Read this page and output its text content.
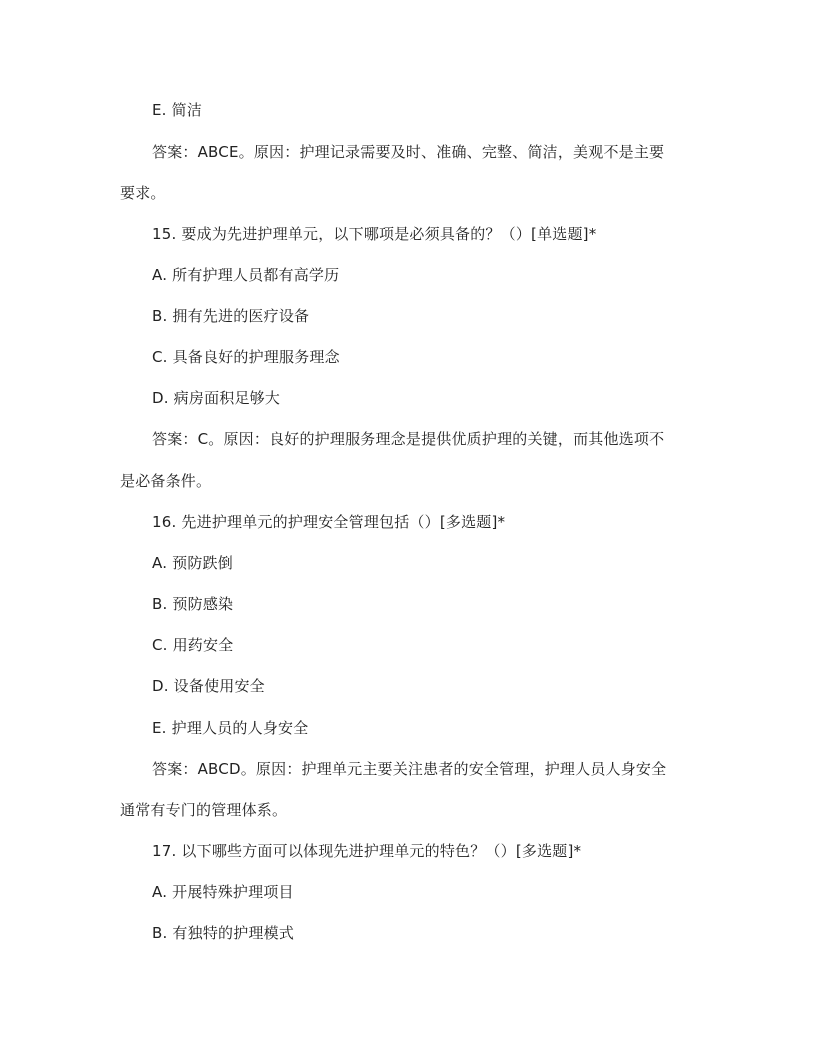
E. 简洁
答案：ABCE。原因：护理记录需要及时、准确、完整、简洁，美观不是主要
要求。
15. 要成为先进护理单元，以下哪项是必须具备的？（）[单选题]*
A. 所有护理人员都有高学历
B. 拥有先进的医疗设备
C. 具备良好的护理服务理念
D. 病房面积足够大
答案：C。原因：良好的护理服务理念是提供优质护理的关键，而其他选项不
是必备条件。
16. 先进护理单元的护理安全管理包括（）[多选题]*
A. 预防跌倒
B. 预防感染
C. 用药安全
D. 设备使用安全
E. 护理人员的人身安全
答案：ABCD。原因：护理单元主要关注患者的安全管理，护理人员人身安全
通常有专门的管理体系。
17. 以下哪些方面可以体现先进护理单元的特色？（）[多选题]*
A. 开展特殊护理项目
B. 有独特的护理模式
